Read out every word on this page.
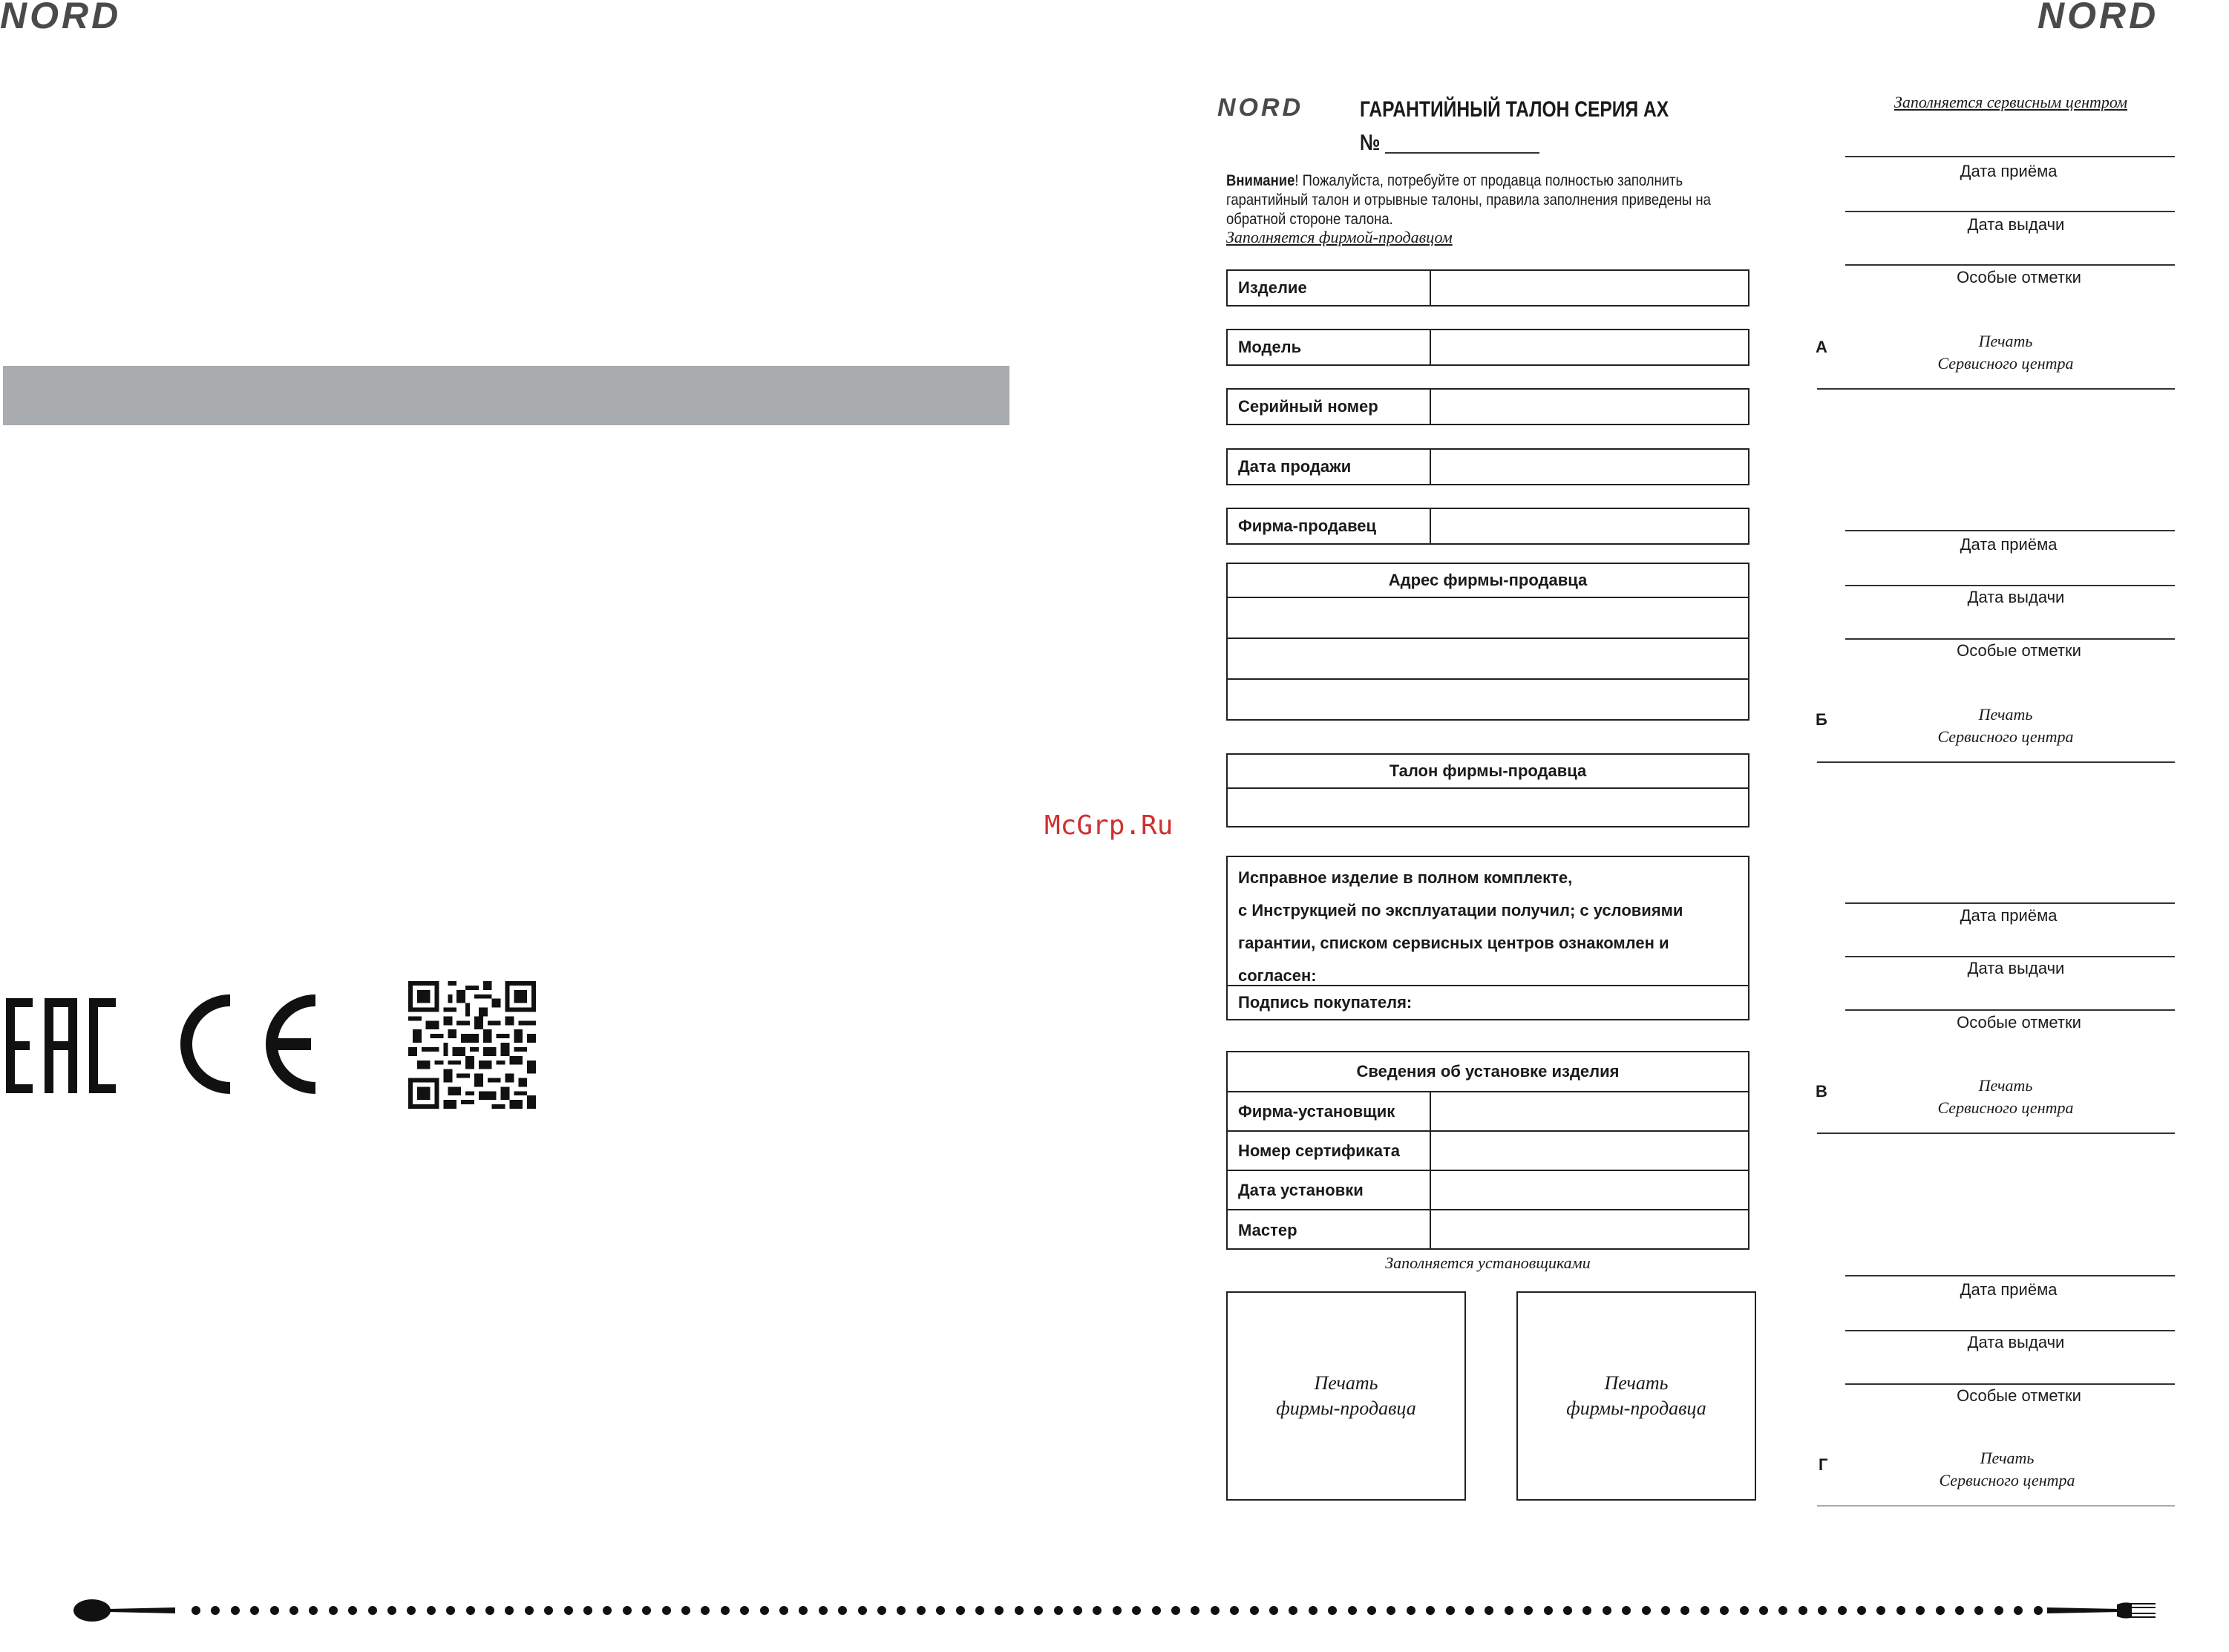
NORD	NORD
McGrp.Ru
NORD	ГАРАНТИЙНЫЙ ТАЛОН СЕРИЯ АХ
№
Внимание! Пожалуйста, потребуйте от продавца полностью заполнить гарантийный талон и отрывные талоны, правила заполнения приведены на обратной стороне талона.
Заполняется фирмой-продавцом
Изделие
Модель
Серийный номер
Дата продажи
Фирма-продавец
Адрес фирмы-продавца
Талон фирмы-продавца
Исправное изделие в полном комплекте,
с Инструкцией по эксплуатации получил; с условиями
гарантии, списком сервисных центров ознакомлен и
согласен:
Подпись покупателя:
Сведения об установке изделия
Фирма-установщик
Номер сертификата
Дата установки
Мастер
Заполняется установщиками
Печать
фирмы-продавца
Печать
фирмы-продавца
Заполняется сервисным центром
Дата приёма
Дата выдачи
Особые отметки
А	Печать
Сервисного центра
Дата приёма
Дата выдачи
Особые отметки
Б	Печать
Сервисного центра
Дата приёма
Дата выдачи
Особые отметки
В	Печать
Сервисного центра
Дата приёма
Дата выдачи
Особые отметки
Г	Печать
Сервисного центра
